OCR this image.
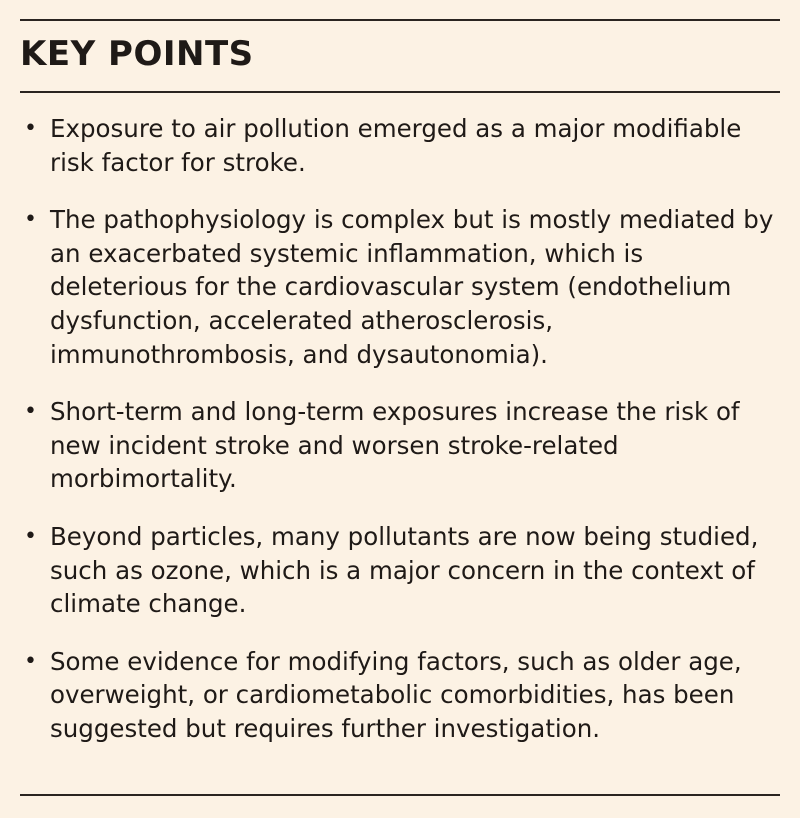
KEY POINTS
• Exposure to air pollution emerged as a major modifiable risk factor for stroke.
• The pathophysiology is complex but is mostly mediated by an exacerbated systemic inflammation, which is deleterious for the cardiovascular system (endothelium dysfunction, accelerated atherosclerosis, immunothrombosis, and dysautonomia).
• Short-term and long-term exposures increase the risk of new incident stroke and worsen stroke-related morbimortality.
• Beyond particles, many pollutants are now being studied, such as ozone, which is a major concern in the context of climate change.
• Some evidence for modifying factors, such as older age, overweight, or cardiometabolic comorbidities, has been suggested but requires further investigation.
